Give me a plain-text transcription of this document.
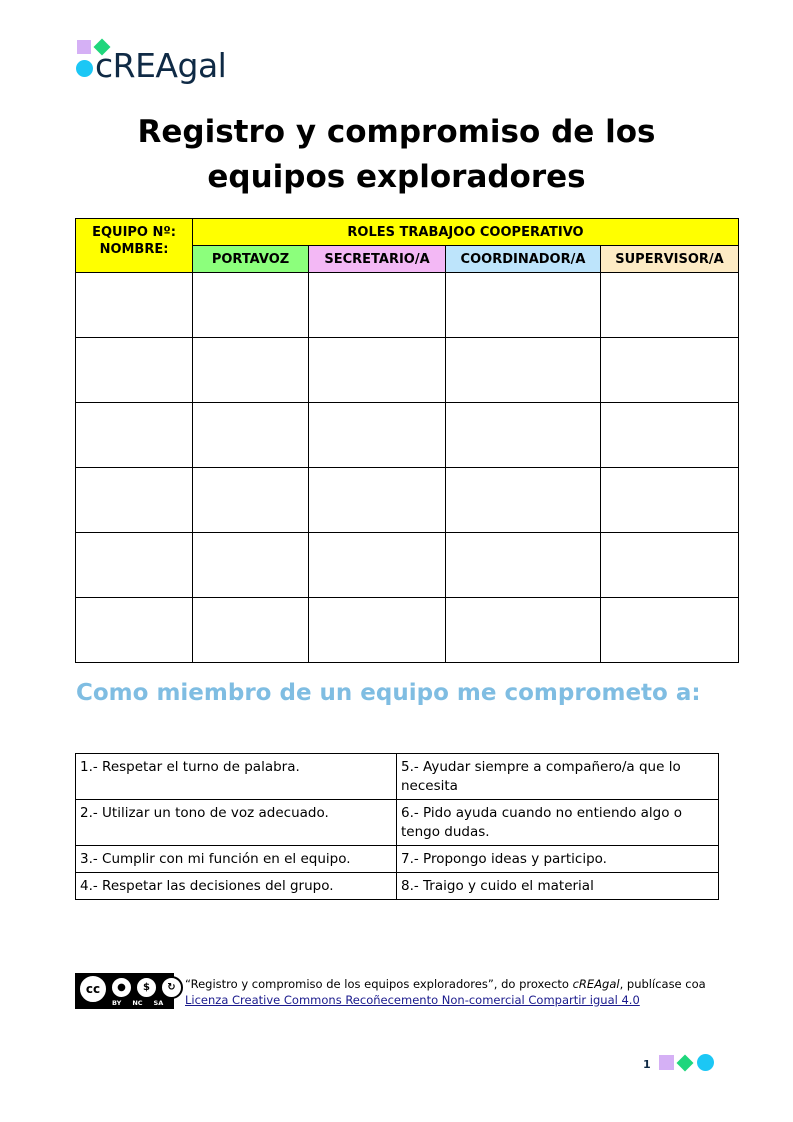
cREAgal
Registro y compromiso de los
equipos exploradores
EQUIPO Nº:
NOMBRE:	ROLES TRABAJOO COOPERATIVO			
	PORTAVOZ	SECRETARIO/A	COORDINADOR/A	SUPERVISOR/A

Como miembro de un equipo me comprometo a:
1.- Respetar el turno de palabra.	5.- Ayudar siempre a compañero/a que lo necesita
2.- Utilizar un tono de voz adecuado.	6.- Pido ayuda cuando no entiendo algo o tengo dudas.
3.- Cumplir con mi función en el equipo.	7.- Propongo ideas y participo.
4.- Respetar las decisiones del grupo.	8.- Traigo y cuido el material
cc	●	$	↻
BY NC SA
“Registro y compromiso de los equipos exploradores”, do proxecto cREAgal, publícase coa
Licenza Creative Commons Recoñecemento Non-comercial Compartir igual 4.0
1
